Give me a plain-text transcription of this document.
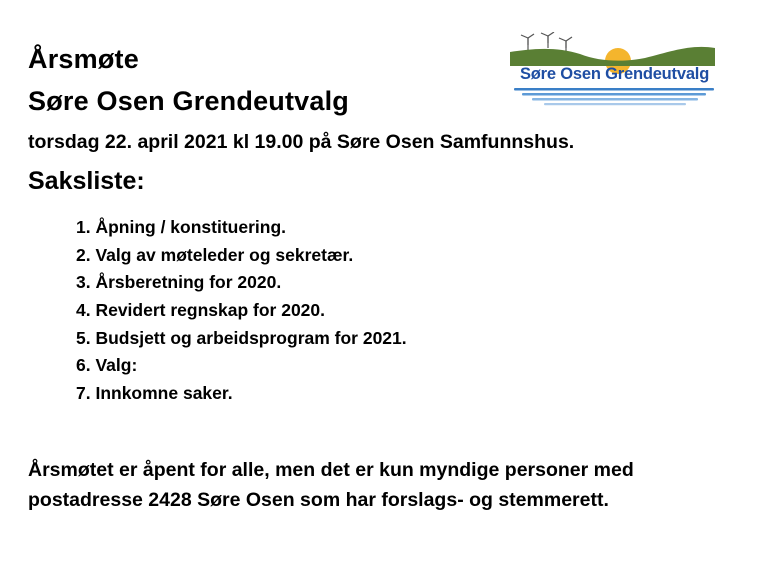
Årsmøte
Søre Osen Grendeutvalg
torsdag 22. april 2021 kl 19.00 på Søre Osen Samfunnshus.
Søre Osen Grendeutvalg
Saksliste:
1. Åpning / konstituering.
2. Valg av møteleder og sekretær.
3. Årsberetning for 2020.
4. Revidert regnskap for 2020.
5. Budsjett og arbeidsprogram for 2021.
6. Valg:
7. Innkomne saker.
Årsmøtet er åpent for alle, men det er kun myndige personer med postadresse 2428 Søre Osen som har forslags- og stemmerett.
